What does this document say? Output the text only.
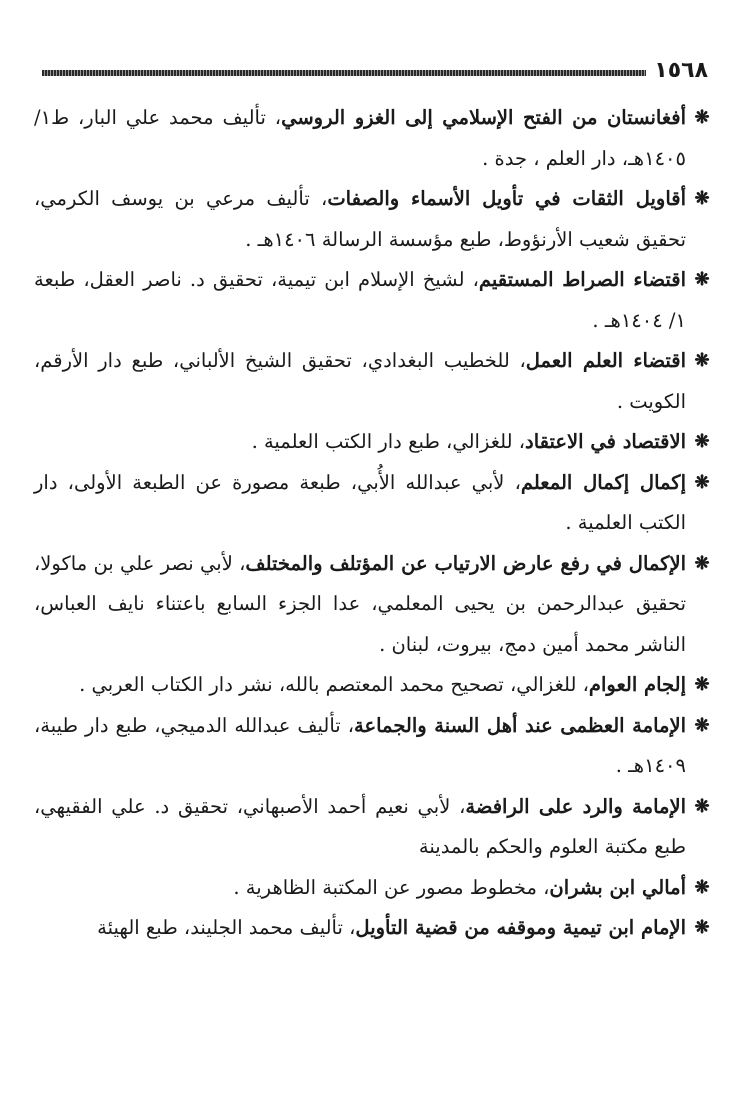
١٥٦٨

❋
أفغانستان من الفتح الإسلامي إلى الغزو الروسي، تأليف محمد علي البار، ط١/ ١٤٠٥هـ، دار العلم ، جدة .

❋
أقاويل الثقات في تأويل الأسماء والصفات، تأليف مرعي بن يوسف الكرمي، تحقيق شعيب الأرنؤوط، طبع مؤسسة الرسالة ١٤٠٦هـ .

❋
اقتضاء الصراط المستقيم، لشيخ الإسلام ابن تيمية، تحقيق د. ناصر العقل، طبعة ١/ ١٤٠٤هـ .

❋
اقتضاء العلم العمل، للخطيب البغدادي، تحقيق الشيخ الألباني، طبع دار الأرقم، الكويت .

❋
الاقتصاد في الاعتقاد، للغزالي، طبع دار الكتب العلمية .

❋
إكمال إكمال المعلم، لأبي عبدالله الأُبي، طبعة مصورة عن الطبعة الأولى، دار الكتب العلمية .

❋
الإكمال في رفع عارض الارتياب عن المؤتلف والمختلف، لأبي نصر علي بن ماكولا، تحقيق عبدالرحمن بن يحيى المعلمي، عدا الجزء السابع باعتناء نايف العباس، الناشر محمد أمين دمج، بيروت، لبنان .

❋
إلجام العوام، للغزالي، تصحيح محمد المعتصم بالله، نشر دار الكتاب العربي .

❋
الإمامة العظمى عند أهل السنة والجماعة، تأليف عبدالله الدميجي، طبع دار طيبة، ١٤٠٩هـ .

❋
الإمامة والرد على الرافضة، لأبي نعيم أحمد الأصبهاني، تحقيق د. علي الفقيهي، طبع مكتبة العلوم والحكم بالمدينة

❋
أمالي ابن بشران، مخطوط مصور عن المكتبة الظاهرية .

❋
الإمام ابن تيمية وموقفه من قضية التأويل، تأليف محمد الجليند، طبع الهيئة
